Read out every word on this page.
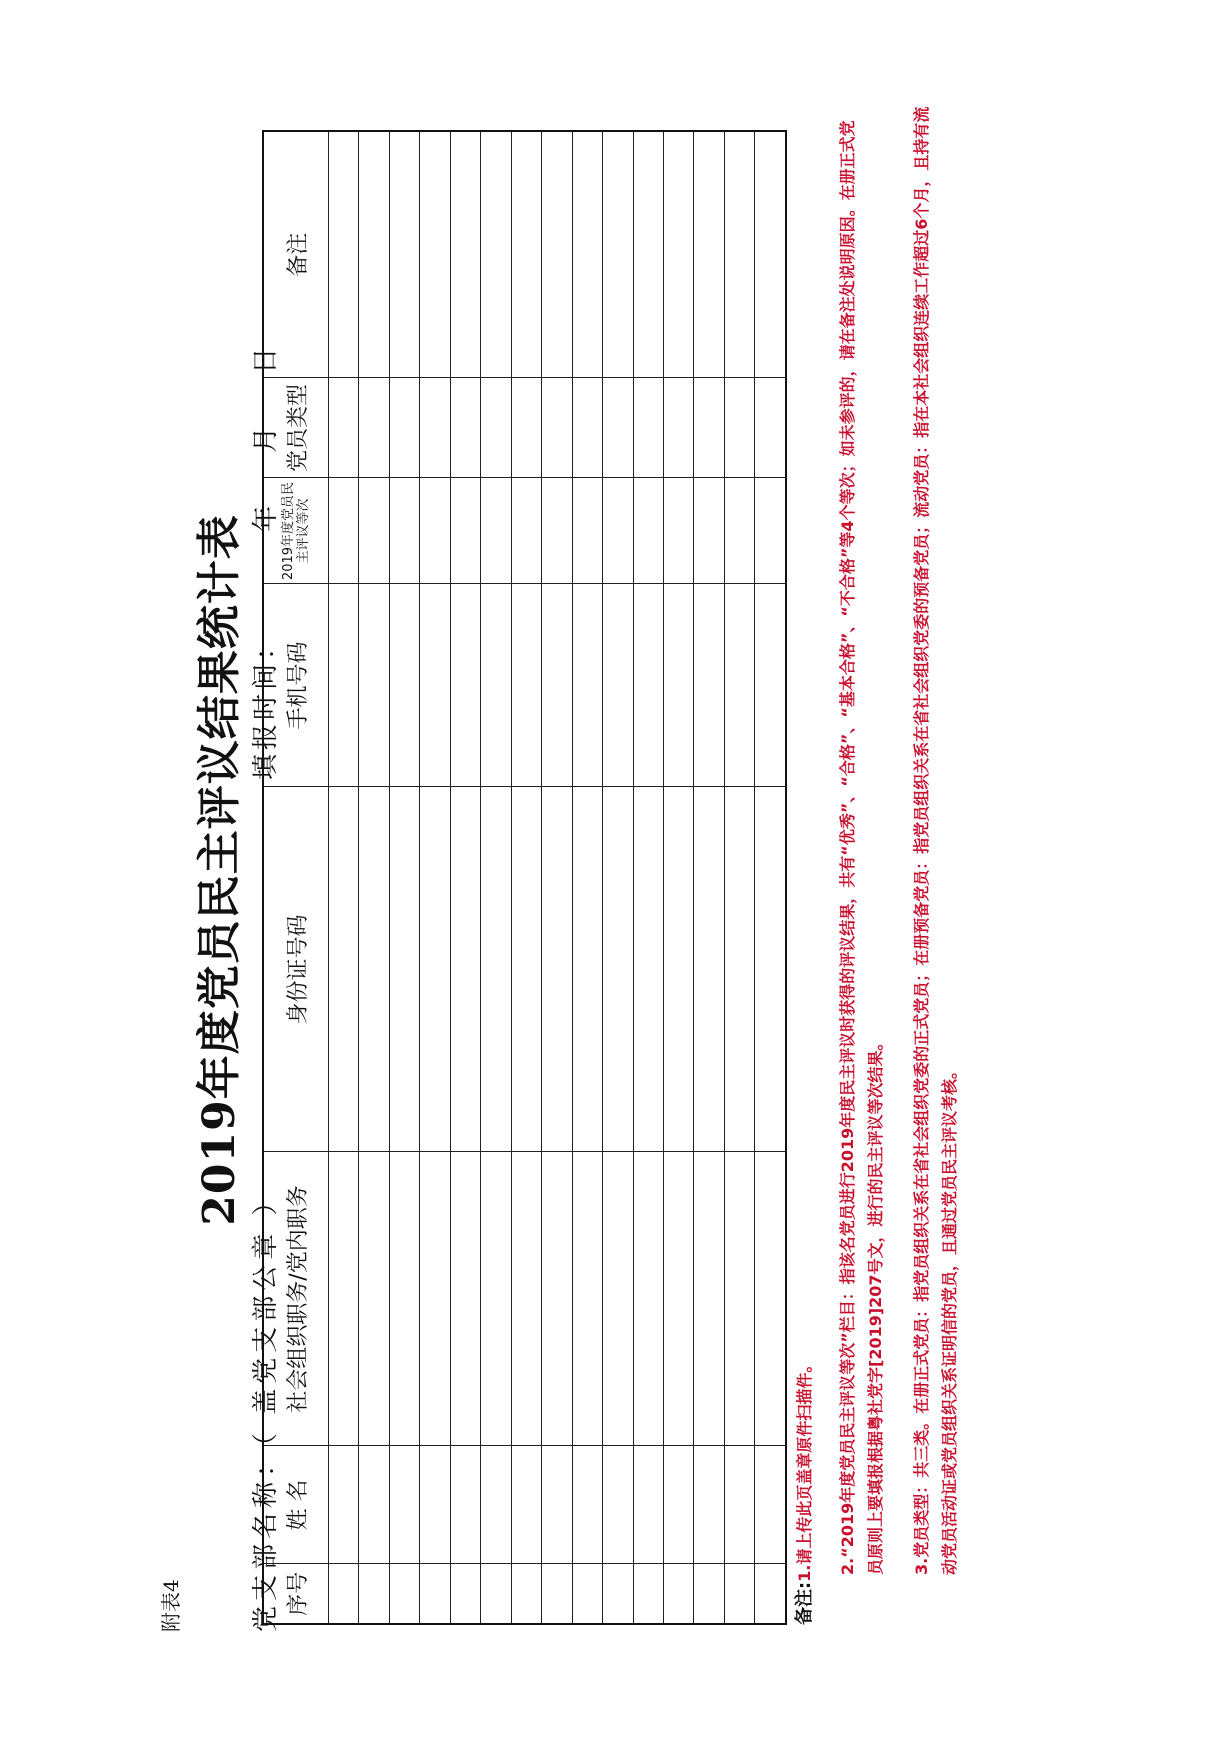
附表4
2019年度党员民主评议结果统计表
党支部名称：（ 盖党支部公章 ）
填报时间：        年    月    日
序号	姓 名	社会组织职务/党内职务	身份证号码	手机号码	2019年度党员民主评议等次	党员类型	备注

备注:1.请上传此页盖章原件扫描件。 2.“2019年度党员民主评议等次”栏目：指该名党员进行2019年度民主评议时获得的评议结果，共有“优秀”、“合格”、“基本合格”、“不合格”等4个等次；如未参评的，请在备注处说明原因。在册正式党员原则上要填报根据粤社党字[2019]207号文，进行的民主评议等次结果。	3.党员类型：共三类。在册正式党员：指党员组织关系在省社会组织党委的正式党员；在册预备党员：指党员组织关系在省社会组织党委的预备党员；流动党员：指在本社会组织连续工作超过6个月，且持有流动党员活动证或党员组织关系证明信的党员，且通过党员民主评议考核。
